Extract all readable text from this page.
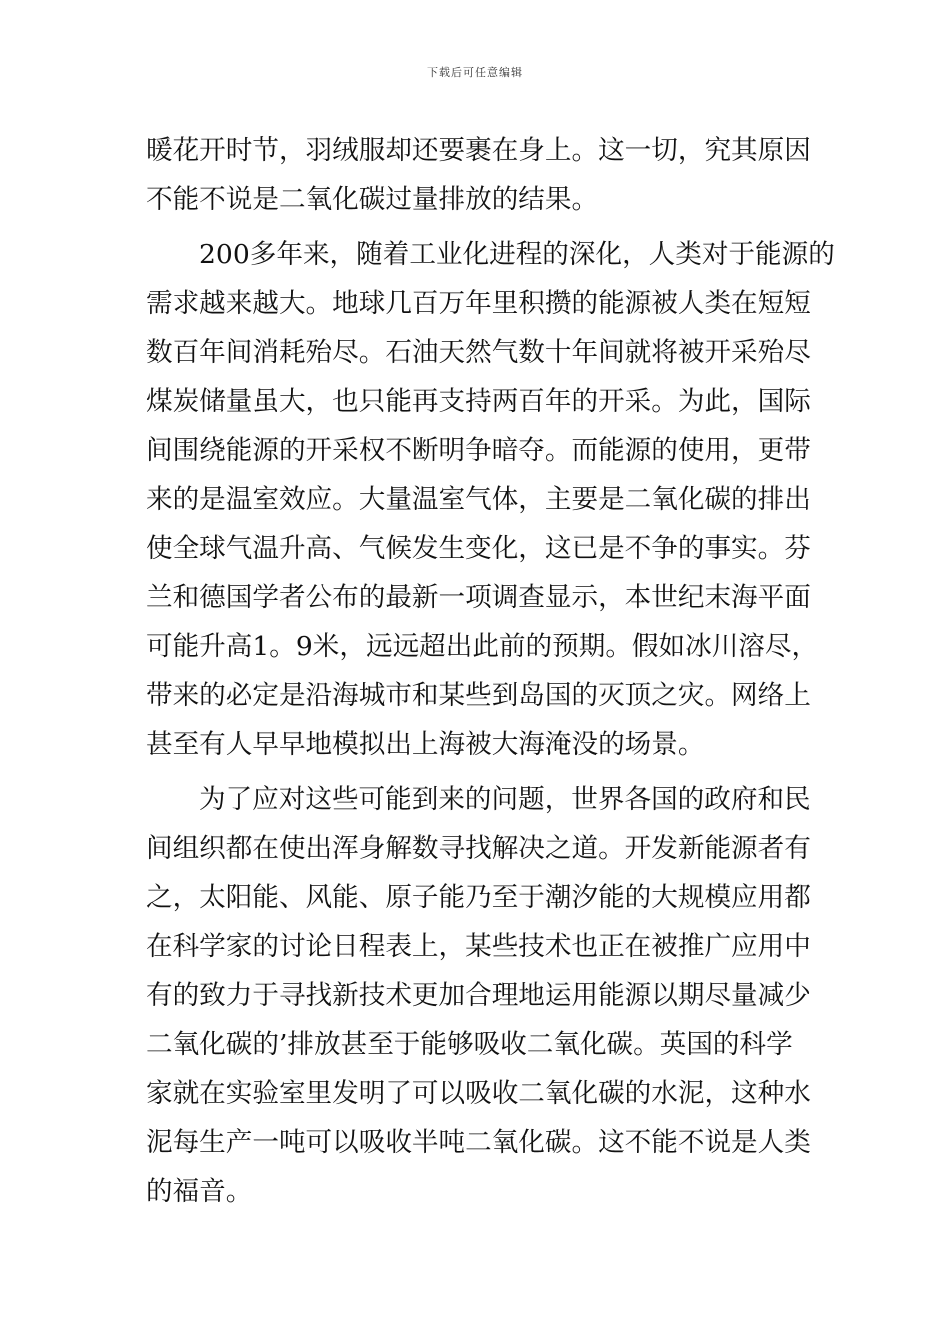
下载后可任意编辑
暖花开时节，羽绒服却还要裹在身上。这一切，究其原因
不能不说是二氧化碳过量排放的结果。
200多年来，随着工业化进程的深化，人类对于能源的
需求越来越大。地球几百万年里积攒的能源被人类在短短
数百年间消耗殆尽。石油天然气数十年间就将被开采殆尽
煤炭储量虽大，也只能再支持两百年的开采。为此，国际
间围绕能源的开采权不断明争暗夺。而能源的使用，更带
来的是温室效应。大量温室气体，主要是二氧化碳的排出
使全球气温升高、气候发生变化，这已是不争的事实。芬
兰和德国学者公布的最新一项调查显示，本世纪末海平面
可能升高1。9米，远远超出此前的预期。假如冰川溶尽，
带来的必定是沿海城市和某些到岛国的灭顶之灾。网络上
甚至有人早早地模拟出上海被大海淹没的场景。
为了应对这些可能到来的问题，世界各国的政府和民
间组织都在使出浑身解数寻找解决之道。开发新能源者有
之，太阳能、风能、原子能乃至于潮汐能的大规模应用都
在科学家的讨论日程表上，某些技术也正在被推广应用中
有的致力于寻找新技术更加合理地运用能源以期尽量减少
二氧化碳的’排放甚至于能够吸收二氧化碳。英国的科学
家就在实验室里发明了可以吸收二氧化碳的水泥，这种水
泥每生产一吨可以吸收半吨二氧化碳。这不能不说是人类
的福音。
